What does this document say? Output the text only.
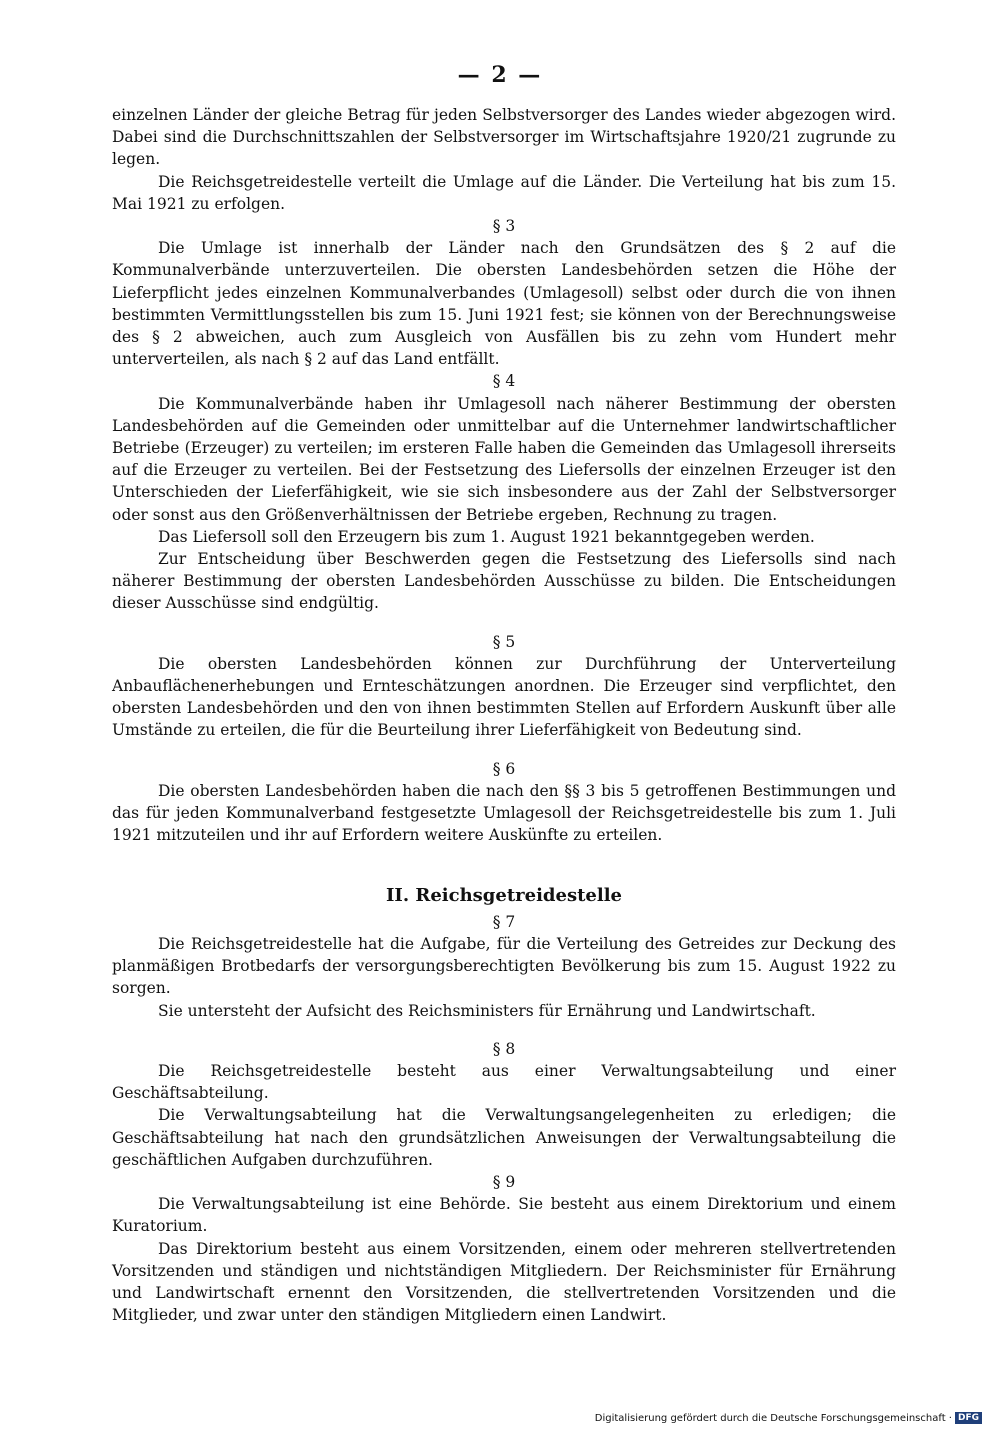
— 2 —

einzelnen Länder der gleiche Betrag für jeden Selbstversorger des Landes wieder abgezogen wird. Dabei sind die Durchschnittszahlen der Selbstversorger im Wirtschaftsjahre 1920/21 zugrunde zu legen.

Die Reichsgetreidestelle verteilt die Umlage auf die Länder. Die Verteilung hat bis zum 15. Mai 1921 zu erfolgen.

§ 3

Die Umlage ist innerhalb der Länder nach den Grundsätzen des § 2 auf die Kommunalverbände unterzuverteilen. Die obersten Landesbehörden setzen die Höhe der Lieferpflicht jedes einzelnen Kommunalverbandes (Umlagesoll) selbst oder durch die von ihnen bestimmten Vermittlungsstellen bis zum 15. Juni 1921 fest; sie können von der Berechnungsweise des § 2 abweichen, auch zum Ausgleich von Ausfällen bis zu zehn vom Hundert mehr unterverteilen, als nach § 2 auf das Land entfällt.

§ 4

Die Kommunalverbände haben ihr Umlagesoll nach näherer Bestimmung der obersten Landesbehörden auf die Gemeinden oder unmittelbar auf die Unternehmer landwirtschaftlicher Betriebe (Erzeuger) zu verteilen; im ersteren Falle haben die Gemeinden das Umlagesoll ihrerseits auf die Erzeuger zu verteilen. Bei der Festsetzung des Liefersolls der einzelnen Erzeuger ist den Unterschieden der Lieferfähigkeit, wie sie sich insbesondere aus der Zahl der Selbstversorger oder sonst aus den Größenverhältnissen der Betriebe ergeben, Rechnung zu tragen.

Das Liefersoll soll den Erzeugern bis zum 1. August 1921 bekanntgegeben werden.

Zur Entscheidung über Beschwerden gegen die Festsetzung des Liefersolls sind nach näherer Bestimmung der obersten Landesbehörden Ausschüsse zu bilden. Die Entscheidungen dieser Ausschüsse sind endgültig.

§ 5

Die obersten Landesbehörden können zur Durchführung der Unterverteilung Anbauflächenerhebungen und Ernteschätzungen anordnen. Die Erzeuger sind verpflichtet, den obersten Landesbehörden und den von ihnen bestimmten Stellen auf Erfordern Auskunft über alle Umstände zu erteilen, die für die Beurteilung ihrer Lieferfähigkeit von Bedeutung sind.

§ 6

Die obersten Landesbehörden haben die nach den §§ 3 bis 5 getroffenen Bestimmungen und das für jeden Kommunalverband festgesetzte Umlagesoll der Reichsgetreidestelle bis zum 1. Juli 1921 mitzuteilen und ihr auf Erfordern weitere Auskünfte zu erteilen.

II. Reichsgetreidestelle

§ 7

Die Reichsgetreidestelle hat die Aufgabe, für die Verteilung des Getreides zur Deckung des planmäßigen Brotbedarfs der versorgungsberechtigten Bevölkerung bis zum 15. August 1922 zu sorgen.

Sie untersteht der Aufsicht des Reichsministers für Ernährung und Landwirtschaft.

§ 8

Die Reichsgetreidestelle besteht aus einer Verwaltungsabteilung und einer Geschäftsabteilung.

Die Verwaltungsabteilung hat die Verwaltungsangelegenheiten zu erledigen; die Geschäftsabteilung hat nach den grundsätzlichen Anweisungen der Verwaltungsabteilung die geschäftlichen Aufgaben durchzuführen.

§ 9

Die Verwaltungsabteilung ist eine Behörde. Sie besteht aus einem Direktorium und einem Kuratorium.

Das Direktorium besteht aus einem Vorsitzenden, einem oder mehreren stellvertretenden Vorsitzenden und ständigen und nichtständigen Mitgliedern. Der Reichsminister für Ernährung und Landwirtschaft ernennt den Vorsitzenden, die stellvertretenden Vorsitzenden und die Mitglieder, und zwar unter den ständigen Mitgliedern einen Landwirt.

Digitalisierung gefördert durch die Deutsche Forschungsgemeinschaft · DFG
